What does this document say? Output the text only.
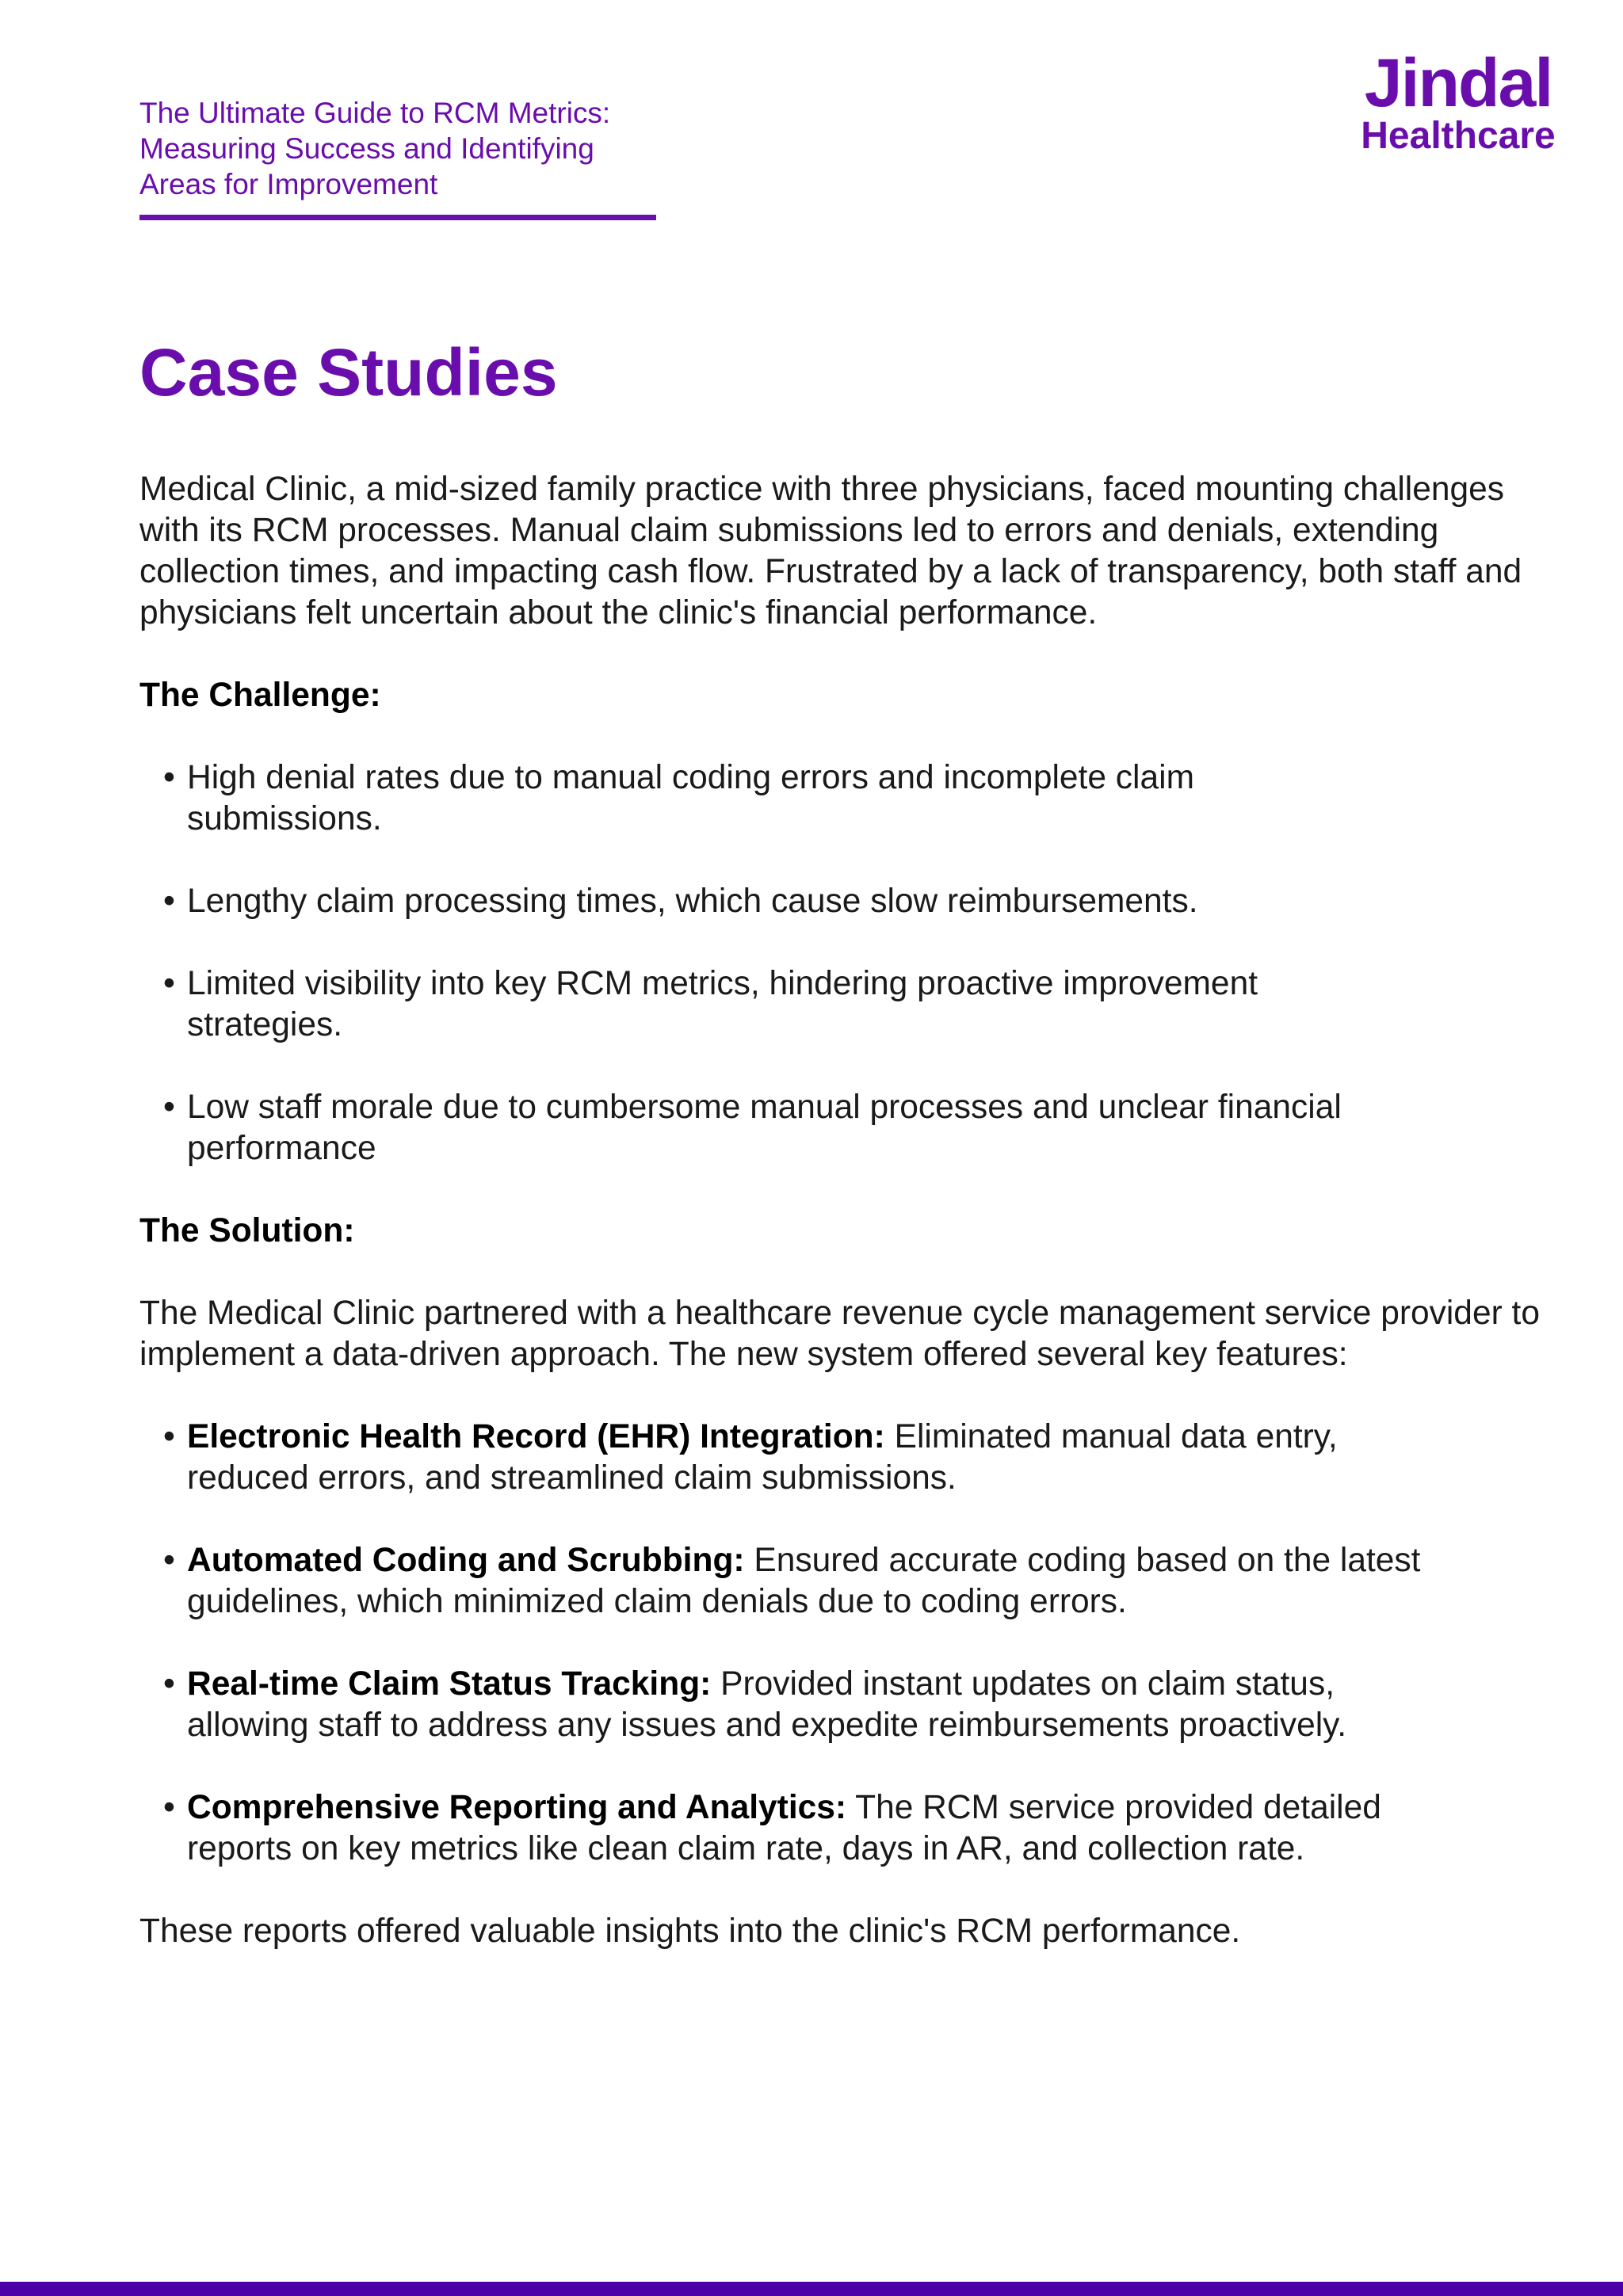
The Ultimate Guide to RCM Metrics:
Measuring Success and Identifying
Areas for Improvement
Jindal
Healthcare
Case Studies

Medical Clinic, a mid-sized family practice with three physicians, faced mounting challenges with its RCM processes. Manual claim submissions led to errors and denials, extending collection times, and impacting cash flow. Frustrated by a lack of transparency, both staff and physicians felt uncertain about the clinic's financial performance.

The Challenge:

• High denial rates due to manual coding errors and incomplete claim submissions.
• Lengthy claim processing times, which cause slow reimbursements.
• Limited visibility into key RCM metrics, hindering proactive improvement strategies.
• Low staff morale due to cumbersome manual processes and unclear financial performance

The Solution:

The Medical Clinic partnered with a healthcare revenue cycle management service provider to implement a data-driven approach. The new system offered several key features:

• Electronic Health Record (EHR) Integration: Eliminated manual data entry, reduced errors, and streamlined claim submissions.
• Automated Coding and Scrubbing: Ensured accurate coding based on the latest guidelines, which minimized claim denials due to coding errors.
• Real-time Claim Status Tracking: Provided instant updates on claim status, allowing staff to address any issues and expedite reimbursements proactively.
• Comprehensive Reporting and Analytics: The RCM service provided detailed reports on key metrics like clean claim rate, days in AR, and collection rate.

These reports offered valuable insights into the clinic's RCM performance.
